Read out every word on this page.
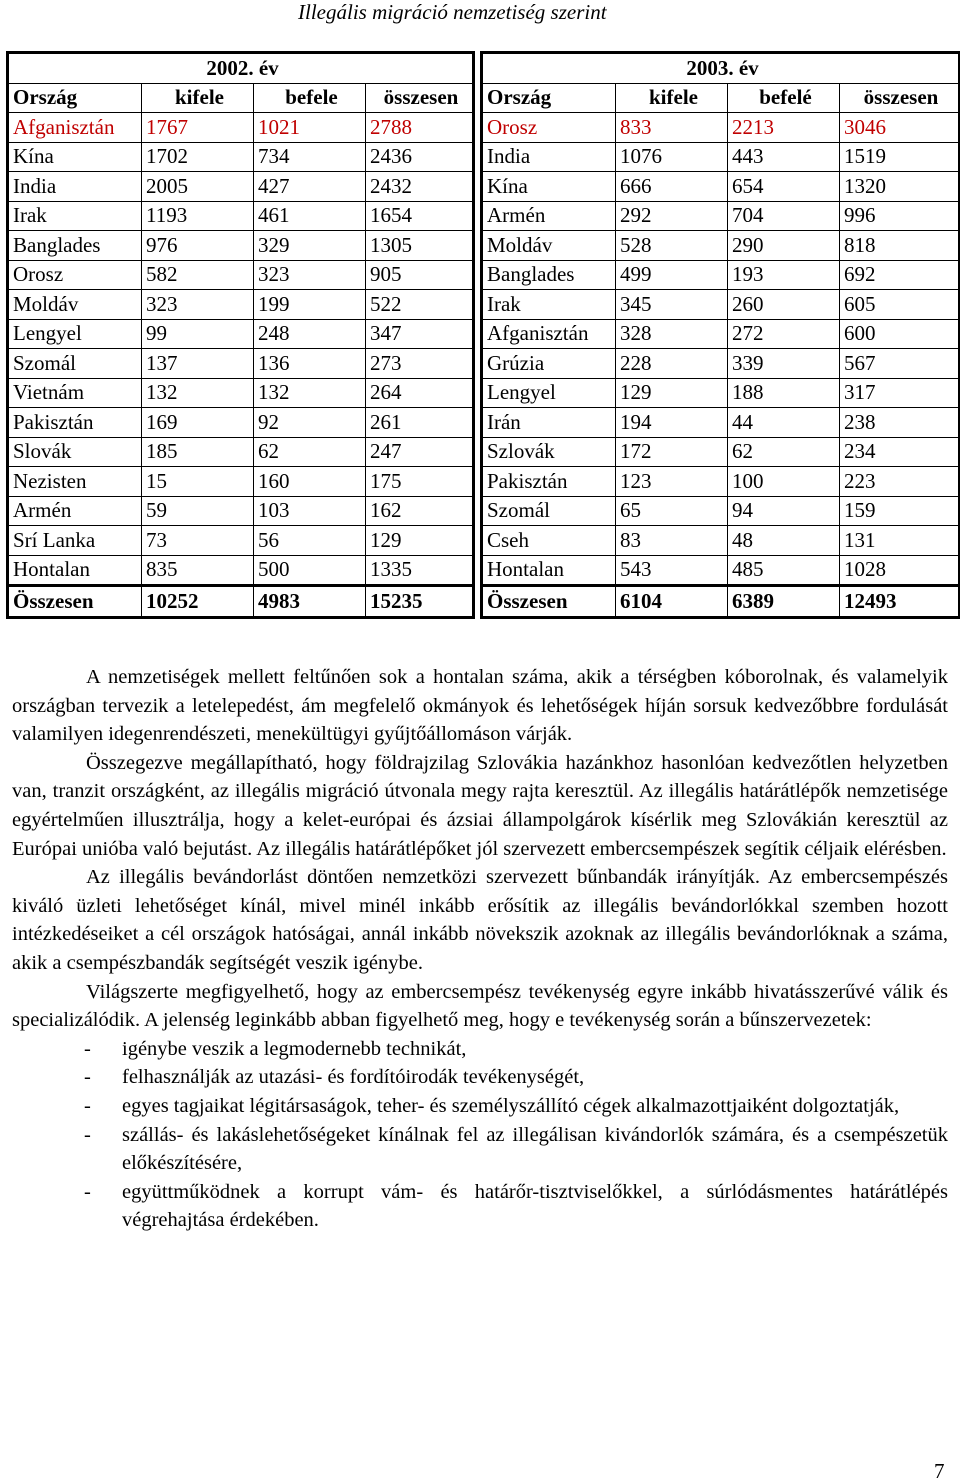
Illegális migráció nemzetiség szerint
2002. év			
Ország	kifele	befele	összesen
Afganisztán	1767	1021	2788
Kína	1702	734	2436
India	2005	427	2432
Irak	1193	461	1654
Banglades	976	329	1305
Orosz	582	323	905
Moldáv	323	199	522
Lengyel	99	248	347
Szomál	137	136	273
Vietnám	132	132	264
Pakisztán	169	92	261
Slovák	185	62	247
Nezisten	15	160	175
Armén	59	103	162
Srí Lanka	73	56	129
Hontalan	835	500	1335
Összesen	10252	4983	15235
2003. év			
Ország	kifele	befelé	összesen
Orosz	833	2213	3046
India	1076	443	1519
Kína	666	654	1320
Armén	292	704	996
Moldáv	528	290	818
Banglades	499	193	692
Irak	345	260	605
Afganisztán	328	272	600
Grúzia	228	339	567
Lengyel	129	188	317
Irán	194	44	238
Szlovák	172	62	234
Pakisztán	123	100	223
Szomál	65	94	159
Cseh	83	48	131
Hontalan	543	485	1028
Összesen	6104	6389	12493

A nemzetiségek mellett feltűnően sok a hontalan száma, akik a térségben kóborolnak, és valamelyik országban tervezik a letelepedést, ám megfelelő okmányok és lehetőségek híján sorsuk kedvezőbbre fordulását valamilyen idegenrendészeti, menekültügyi gyűjtőállomáson várják.

Összegezve megállapítható, hogy földrajzilag Szlovákia hazánkhoz hasonlóan kedvezőtlen helyzetben van, tranzit országként, az illegális migráció útvonala megy rajta keresztül. Az illegális határátlépők nemzetisége egyértelműen illusztrálja, hogy a kelet-európai és ázsiai állampolgárok kísérlik meg Szlovákián keresztül az Európai unióba való bejutást. Az illegális határátlépőket jól szervezett embercsempészek segítik céljaik elérésben.

Az illegális bevándorlást döntően nemzetközi szervezett bűnbandák irányítják. Az embercsempészés kiváló üzleti lehetőséget kínál, mivel minél inkább erősítik az illegális bevándorlókkal szemben hozott intézkedéseiket a cél országok hatóságai, annál inkább növekszik azoknak az illegális bevándorlóknak a száma, akik a csempészbandák segítségét veszik igénybe.

Világszerte megfigyelhető, hogy az embercsempész tevékenység egyre inkább hivatásszerűvé válik és specializálódik. A jelenség leginkább abban figyelhető meg, hogy e tevékenység során a bűnszervezetek:

- igénybe veszik a legmodernebb technikát,
- felhasználják az utazási- és fordítóirodák tevékenységét,
- egyes tagjaikat légitársaságok, teher- és személyszállító cégek alkalmazottjaiként dolgoztatják,
- szállás- és lakáslehetőségeket kínálnak fel az illegálisan kivándorlók számára, és a csempészetük előkészítésére,
- együttműködnek a korrupt vám- és határőr-tisztviselőkkel, a súrlódásmentes határátlépés végrehajtása érdekében.
7
